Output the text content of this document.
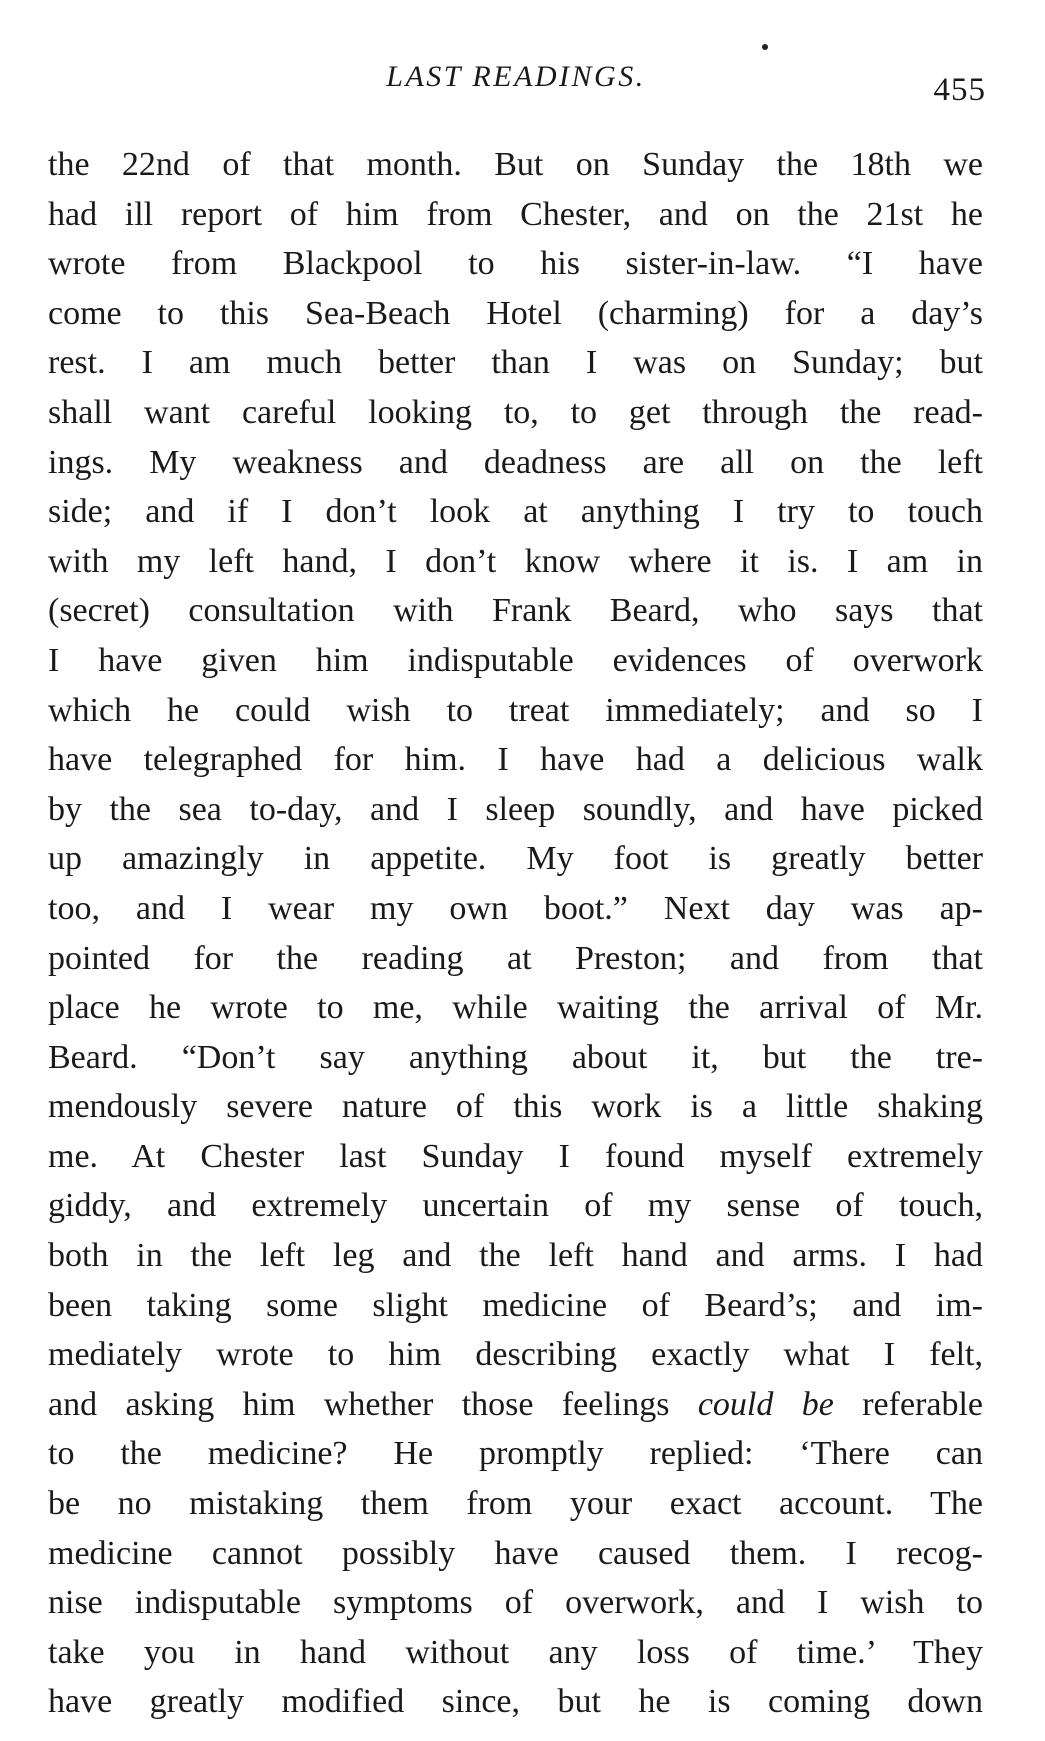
LAST READINGS.	455
the 22nd of that month. But on Sunday the 18th we
had ill report of him from Chester, and on the 21st he
wrote from Blackpool to his sister-in-law. “I have
come to this Sea-Beach Hotel (charming) for a day’s
rest. I am much better than I was on Sunday; but
shall want careful looking to, to get through the read-
ings. My weakness and deadness are all on the left
side; and if I don’t look at anything I try to touch
with my left hand, I don’t know where it is. I am in
(secret) consultation with Frank Beard, who says that
I have given him indisputable evidences of overwork
which he could wish to treat immediately; and so I
have telegraphed for him. I have had a delicious walk
by the sea to-day, and I sleep soundly, and have picked
up amazingly in appetite. My foot is greatly better
too, and I wear my own boot.” Next day was ap-
pointed for the reading at Preston; and from that
place he wrote to me, while waiting the arrival of Mr.
Beard. “Don’t say anything about it, but the tre-
mendously severe nature of this work is a little shaking
me. At Chester last Sunday I found myself extremely
giddy, and extremely uncertain of my sense of touch,
both in the left leg and the left hand and arms. I had
been taking some slight medicine of Beard’s; and im-
mediately wrote to him describing exactly what I felt,
and asking him whether those feelings could be referable
to the medicine? He promptly replied: ‘There can
be no mistaking them from your exact account. The
medicine cannot possibly have caused them. I recog-
nise indisputable symptoms of overwork, and I wish to
take you in hand without any loss of time.’ They
have greatly modified since, but he is coming down
